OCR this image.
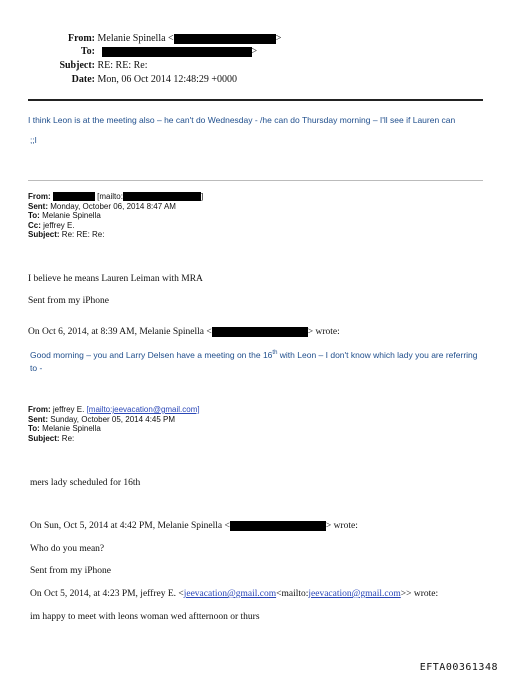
From: Melanie Spinella <	>
To:	>
Subject: RE: RE: Re:
Date: Mon, 06 Oct 2014 12:48:29 +0000
I think Leon is at the meeting also – he can't do Wednesday - /he can do Thursday morning – I'll see if Lauren can
;;l
From:	[mailto:	]
Sent: Monday, October 06, 2014 8:47 AM
To: Melanie Spinella
Cc: jeffrey E.
Subject: Re: RE: Re:
I believe he means Lauren Leiman with MRA
Sent from my iPhone
On Oct 6, 2014, at 8:39 AM, Melanie Spinella <	> wrote:
Good morning – you and Larry Delsen have a meeting on the 16th with Leon – I don't know which lady you are referring
to -
From: jeffrey E. [mailto:jeevacation@gmail.com]
Sent: Sunday, October 05, 2014 4:45 PM
To: Melanie Spinella
Subject: Re:
mers lady scheduled for 16th
On Sun, Oct 5, 2014 at 4:42 PM, Melanie Spinella <	> wrote:
Who do you mean?
Sent from my iPhone
On Oct 5, 2014, at 4:23 PM, jeffrey E. <jeevacation@gmail.com<mailto:jeevacation@gmail.com>> wrote:
im happy to meet with leons woman wed aftternoon or thurs
EFTA00361348
